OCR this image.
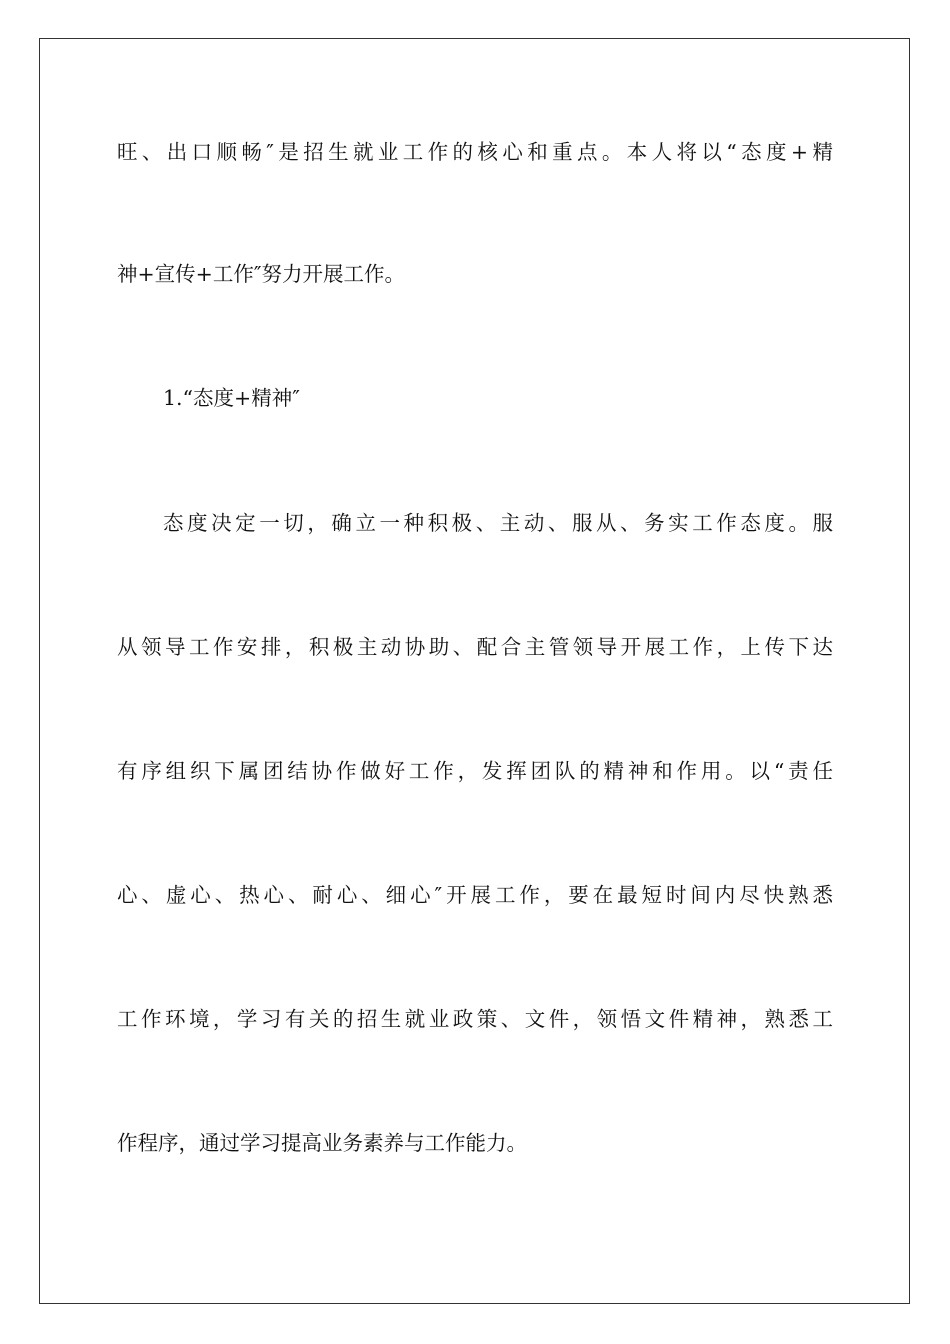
旺、出口顺畅″是招生就业工作的核心和重点。本人将以“态度+精
神+宣传+工作″努力开展工作。
1.“态度+精神″
态度决定一切，确立一种积极、主动、服从、务实工作态度。服
从领导工作安排，积极主动协助、配合主管领导开展工作，上传下达
有序组织下属团结协作做好工作，发挥团队的精神和作用。以“责任
心、虚心、热心、耐心、细心″开展工作，要在最短时间内尽快熟悉
工作环境，学习有关的招生就业政策、文件，领悟文件精神，熟悉工
作程序，通过学习提高业务素养与工作能力。
